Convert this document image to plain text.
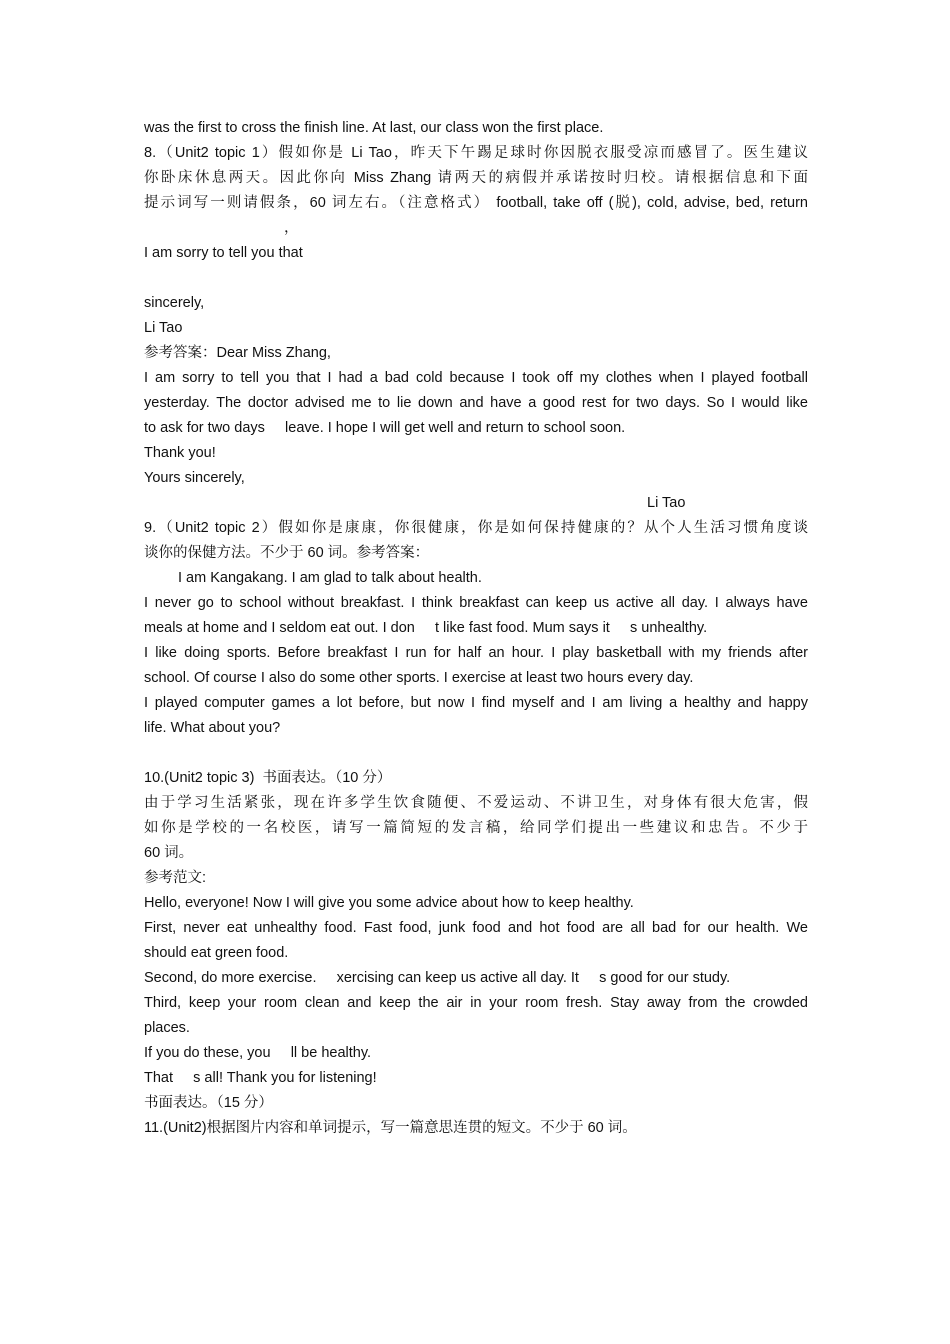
was the first to cross the finish line. At last, our class won the first place.

8.（Unit2 topic 1）假如你是 Li Tao，昨天下午踢足球时你因脱衣服受凉而感冒了。医生建议

你卧床休息两天。因此你向 Miss Zhang 请两天的病假并承诺按时归校。请根据信息和下面

提示词写一则请假条，60 词左右。（注意格式） football, take off (脱), cold, advise, bed, return

，

I am sorry to tell you that

sincerely,

Li Tao

参考答案：Dear Miss Zhang,

I am sorry to tell you that I had a bad cold because I took off my clothes when I played football

yesterday. The doctor advised me to lie down and have a good rest for two days. So I would like

to ask for two days     leave. I hope I will get well and return to school soon.

Thank you!

Yours sincerely,

Li Tao

9.（Unit2 topic 2）假如你是康康，你很健康，你是如何保持健康的？从个人生活习惯角度谈

谈你的保健方法。不少于 60 词。参考答案：

I am Kangakang. I am glad to talk about health.

I never go to school without breakfast. I think breakfast can keep us active all day. I always have

meals at home and I seldom eat out. I don     t like fast food. Mum says it     s unhealthy.

I like doing sports. Before breakfast I run for half an hour. I play basketball with my friends after

school. Of course I also do some other sports. I exercise at least two hours every day.

I played computer games a lot before, but now I find myself and I am living a healthy and happy

life. What about you?

10.(Unit2 topic 3)  书面表达。（10 分）

由于学习生活紧张，现在许多学生饮食随便、不爱运动、不讲卫生，对身体有很大危害，假

如你是学校的一名校医，请写一篇简短的发言稿，给同学们提出一些建议和忠告。不少于

60 词。

参考范文:

Hello, everyone! Now I will give you some advice about how to keep healthy.

First, never eat unhealthy food. Fast food, junk food and hot food are all bad for our health. We

should eat green food.

Second, do more exercise.     xercising can keep us active all day. It     s good for our study.

Third, keep your room clean and keep the air in your room fresh. Stay away from the crowded

places.

If you do these, you     ll be healthy.

That     s all! Thank you for listening!

书面表达。（15 分）

11.(Unit2)根据图片内容和单词提示，写一篇意思连贯的短文。不少于 60 词。
